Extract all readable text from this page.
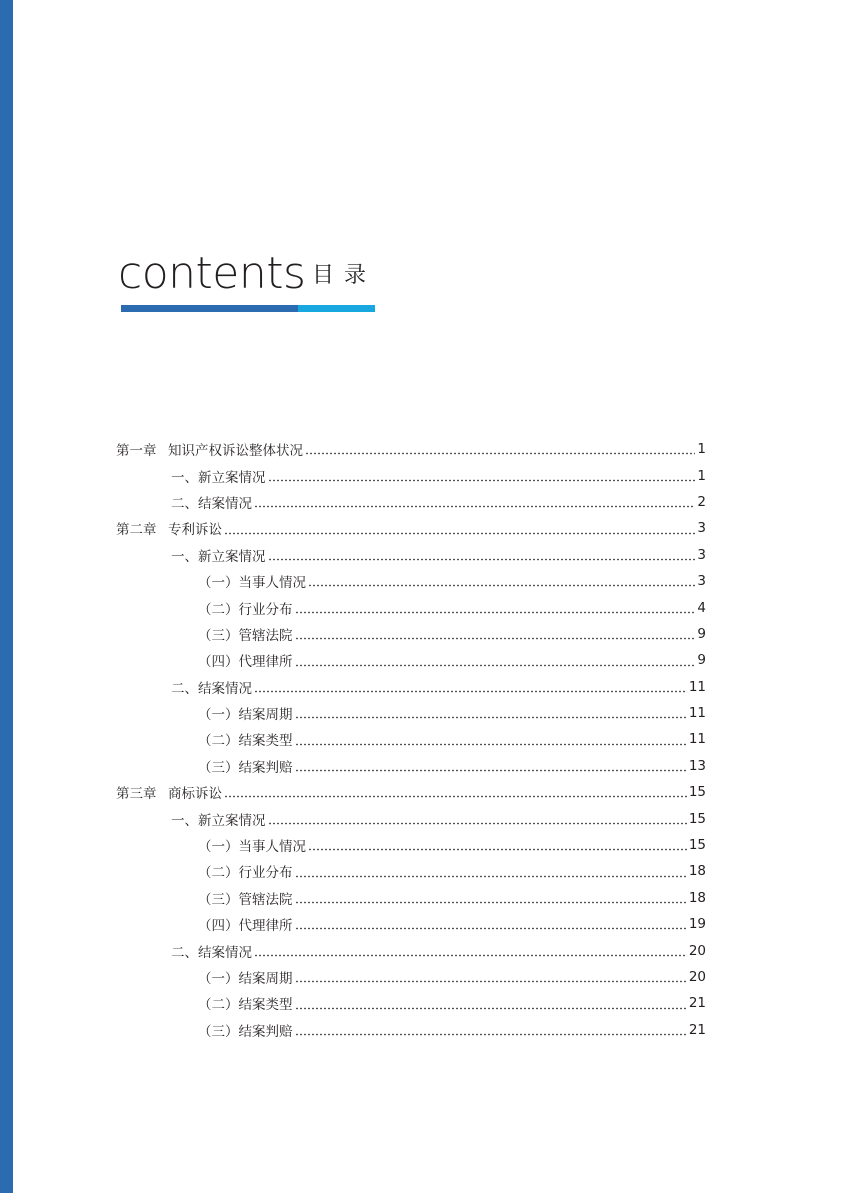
contents 目录
第一章 知识产权诉讼整体状况	1
一、 新立案情况	1
二、 结案情况	2
第二章 专利诉讼	3
一、 新立案情况	3
（一） 当事人情况	3
（二） 行业分布	4
（三） 管辖法院	9
（四） 代理律所	9
二、 结案情况	11
（一） 结案周期	11
（二） 结案类型	11
（三） 结案判赔	13
第三章 商标诉讼	15
一、 新立案情况	15
（一） 当事人情况	15
（二） 行业分布	18
（三） 管辖法院	18
（四） 代理律所	19
二、 结案情况	20
（一） 结案周期	20
（二） 结案类型	21
（三） 结案判赔	21
